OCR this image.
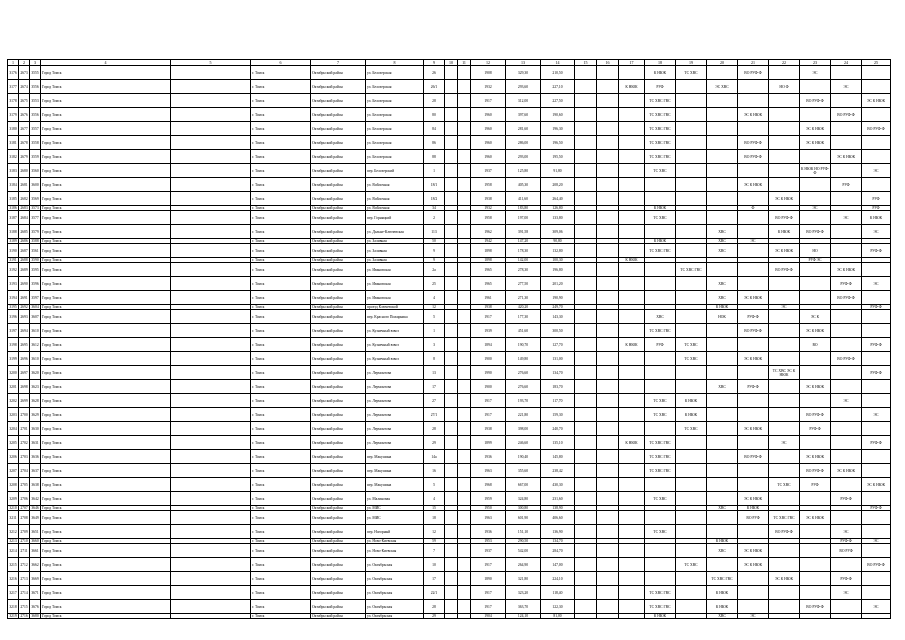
1	2	3	4	5	6	7	8	9	10	11	12	13	14	15	16	17	18	19	20	21	22	23	24	25
3176	2673	3555	Город Томск		г. Томск	Октябрьский район	ул. Белозерская	26			1908	329,30	210,50				К НЮК	ТС ХВС		ВО РУФ-Ф		ЭС		
3177	2674	3556	Город Томск		г. Томск	Октябрьский район	ул. Белозерская	26/1			1932	293,60	227,10			К НЮК	РУФ		ЭС ХВС		НО Ф		ЭС	
3178	2675	3553	Город Томск		г. Томск	Октябрьский район	ул. Белозерская	28			1917	312,00	227,50				ТС ХВС ГВС					ВО РУФ-Ф		ЭС К НЮК
3179	2676	3556	Город Томск		г. Томск	Октябрьский район	ул. Белозерская	80			1960	397,60	190,60				ТС ХВС ГВС			ЭС К НЮК			ВО РУФ-Ф	
3180	2677	3557	Город Томск		г. Томск	Октябрьский район	ул. Белозерская	84			1960	281,60	196,30				ТС ХВС ГВС					ЭС К НЮК		ВО РУФ-Ф
3181	2678	3558	Город Томск		г. Томск	Октябрьский район	ул. Белозерская	86			1960	286,00	196,50				ТС ХВС ГВС			ВО РУФ-Ф		ЭС К НЮК		
3182	2679	3559	Город Томск		г. Томск	Октябрьский район	ул. Белозерская	88			1960	293,00	195,50				ТС ХВС ГВС			ВО РУФ-Ф			ЭС К НЮК	
3183	2680	3560	Город Томск		г. Томск	Октябрьский район	пер. Белозерский	1			1937	125,80	91,80				ТС ХВС					К НЮК НО РУФ-Ф		ЭС
3184	2681	3600	Город Томск		г. Томск	Октябрьский район	ул. Войлочная	18/1			1958	405,30	208,20							ЭС К НЮК			РУФ	
3185	2682	3569	Город Томск		г. Томск	Октябрьский район	ул. Войлочная	18/2			1938	411,60	264,40								ЭС К НЮК			РУФ
3186	2683	3573	Город Томск		г. Томск	Октябрьский район	ул. Войлочная	34			1932	183,80	126,80				К НЮК			Ф		ЭС		РУФ
3187	2684	3577	Город Томск		г. Томск	Октябрьский район	пер. Горняцкий	2			1958	197,00	133,80				ТС ХВС				ВО РУФ-Ф		ЭС	К НЮК
3188	2685	3579	Город Томск		г. Томск	Октябрьский район	ул. Дальне-Ключевская	113			1962	391,58	309,06						ХВС		К НЮК	ВО РУФ-Ф		ЭС
3189	2686	3588	Город Томск		г. Томск	Октябрьский район	ул. Заливная	50			1942	147,20	90,80				К НЮК		ХВС	ЭС				
3190	2687	3561	Город Томск		г. Томск	Октябрьский район	ул. Заливная	9			1898	178,30	132,80				ТС ХВС ГВС		ХВС		ЭС К НЮК	НО		РУФ-Ф
3191	2688	3590	Город Томск		г. Томск	Октябрьский район	ул. Заливная	9			1898	142,00	100,30			К НЮК						РУФ ЭС		
3192	2689	3595	Город Томск		г. Томск	Октябрьский район	ул. Ивановская	2а			1965	278,30	196,80					ТС ХВС ГВС			ВО РУФ-Ф		ЭС К НЮК	
3193	2690	3596	Город Томск		г. Томск	Октябрьский район	ул. Ивановская	25			1965	277,50	201,20						ХВС				РУФ-Ф	ЭС
3194	2691	3597	Город Томск		г. Томск	Октябрьский район	ул. Ивановская	4			1961	271,30	190,90						ХВС	ЭС К НЮК			ВО РУФ-Ф	
3195	2692	3604	Город Томск		г. Томск	Октябрьский район	проезд Ключевской	12			1938	420,20	249,70						К НЮК		ЭС			РУФ-Ф
3196	2693	3607	Город Томск		г. Томск	Октябрьский район	пер. Красного Пожарника	5			1917	177,30	143,30				ХВС		НОК	РУФ-Ф		ЭС К		
3197	2694	3610	Город Томск		г. Томск	Октябрьский район	ул. Кузнечный взвоз	1			1939	451,60	300,50				ТС ХВС ГВС			ВО РУФ-Ф		ЭС К НЮК		
3198	2695	3612	Город Томск		г. Томск	Октябрьский район	ул. Кузнечный взвоз	3			1894	190,70	127,70			К НЮК	РУФ	ТС ХВС				ВО		РУФ-Ф
3199	2696	3610	Город Томск		г. Томск	Октябрьский район	ул. Кузнечный взвоз	8			1900	149,80	131,00					ТС ХВС		ЭС К НЮК			ВО РУФ-Ф	
3200	2697	3620	Город Томск		г. Томск	Октябрьский район	ул. Лермонтова	13			1990	276,60	134,70								ТС ХВС ЭС К НЮК			РУФ-Ф
3201	2698	3623	Город Томск		г. Томск	Октябрьский район	ул. Лермонтова	17			1900	276,60	183,70						ХВС	РУФ-Ф		ЭС К НЮК		
3202	2699	3628	Город Томск		г. Томск	Октябрьский район	ул. Лермонтова	27			1917	193,70	117,70				ТС ХВС	К НЮК					ЭС	
3203	2700	3629	Город Томск		г. Томск	Октябрьский район	ул. Лермонтова	27/1			1917	221,80	159,30				ТС ХВС	К НЮК				ВО РУФ-Ф		ЭС
3204	2701	3630	Город Томск		г. Томск	Октябрьский район	ул. Лермонтова	28			1938	398,00	240,70					ТС ХВС		ЭС К НЮК		РУФ-Ф		
3205	2702	3631	Город Томск		г. Томск	Октябрьский район	ул. Лермонтова	29			1899	246,60	135,10			К НЮК	ТС ХВС ГВС				ЭС			РУФ-Ф
3206	2703	3636	Город Томск		г. Томск	Октябрьский район	пер. Макушина	14а			1936	190,40	145,80				ТС ХВС ГВС			ВО РУФ-Ф		ЭС К НЮК		
3207	2704	3637	Город Томск		г. Томск	Октябрьский район	пер. Макушина	16			1963	355,60	238,42				ТС ХВС ГВС					ВО РУФ-Ф	ЭС К НЮК	
3208	2705	3638	Город Томск		г. Томск	Октябрьский район	пер. Макушина	5			1968	667,00	430,30								ТС ХВС	РУФ		ЭС К НЮК
3209	2706	3642	Город Томск		г. Томск	Октябрьский район	ул. Малиновая	4			1959	324,80	231,60				ТС ХВС			ЭС К НЮК			РУФ-Ф	
3210	2707	3646	Город Томск		г. Томск	Октябрьский район	ул. МИС	15			1950	300,80	138,90						ХВС	К НЮК				РУФ-Ф
3211	2708	3649	Город Томск		г. Томск	Октябрьский район	ул. МИС	18			1963	601,90	406,60							ВО РУФ	ТС ХВС ГВС	ЭС К НЮК		
3212	2709	3651	Город Томск		г. Томск	Октябрьский район	пер. Нагорный	12			1936	151,10	136,90				ТС ХВС				ВО РУФ-Ф		ЭС	
3213	2710	3660	Город Томск		г. Томск	Октябрьский район	ул. Ново-Киевская	59			1953	290,50	134,70						К НЮК				РУФ-Ф	ЭС
3214	2711	3661	Город Томск		г. Томск	Октябрьский район	ул. Ново-Киевская	7			1937	542,00	284,70						ХВС	ЭС К НЮК			ВО РУФ	
3215	2712	3662	Город Томск		г. Томск	Октябрьский район	ул. Октябрьская	10			1917	264,90	147,00					ТС ХВС		ЭС К НЮК				ВО РУФ-Ф
3216	2713	3669	Город Томск		г. Томск	Октябрьский район	ул. Октябрьская	17			1890	321,80	224,10						ТС ХВС ГВС		ЭС К НЮК		РУФ-Ф	
3217	2714	3671	Город Томск		г. Томск	Октябрьский район	ул. Октябрьская	22/1			1917	323,20	118,40				ТС ХВС ГВС		К НЮК				ЭС	
3218	2715	3676	Город Томск		г. Томск	Октябрьский район	ул. Октябрьская	28			1917	363,70	122,30				ТС ХВС ГВС		К НЮК			ВО РУФ-Ф		ЭС
3219	2716	3680	Город Томск		г. Томск	Октябрьский район	ул. Октябрьская	29			1904	124,10	81,00				К НЮК		ХВС	ЭС				
